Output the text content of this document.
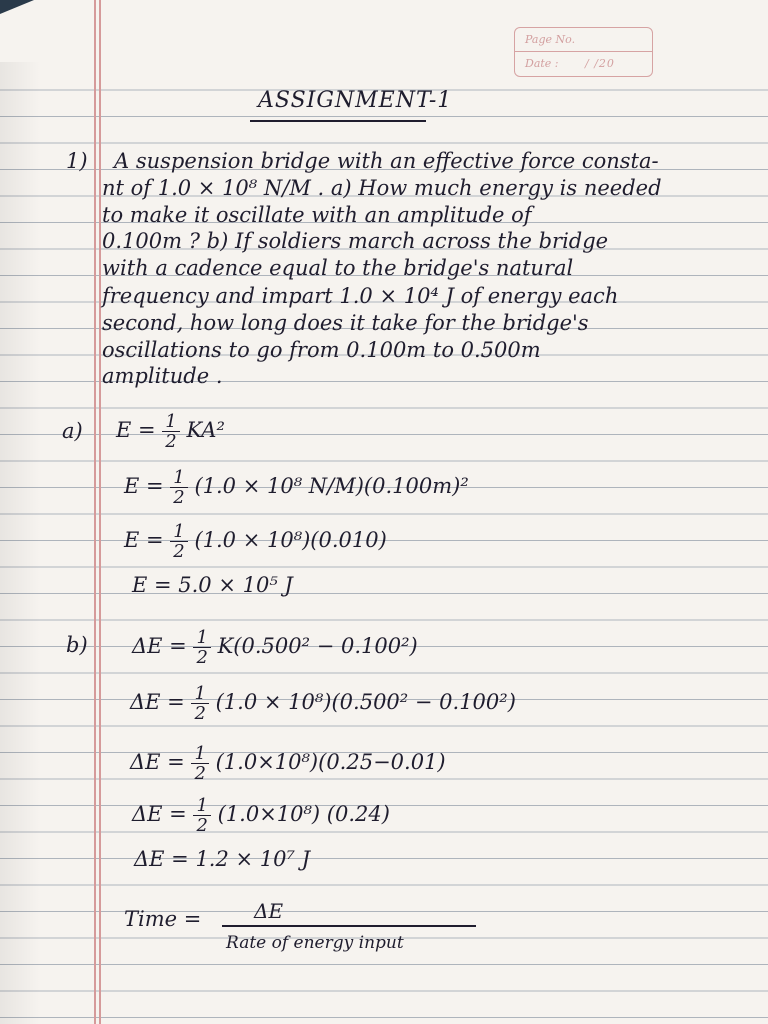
Page No.
Date : / /20

ASSIGNMENT-1

1) A suspension bridge with an effective force consta-

nt of 1.0 × 10⁸ N/M . a) How much energy is needed

to make it oscillate with an amplitude of

0.100m ? b) If soldiers march across the bridge

with a cadence equal to the bridge's natural

frequency and impart 1.0 × 10⁴ J of energy each

second, how long does it take for the bridge's

oscillations to go from 0.100m to 0.500m

amplitude .

a) $E = \frac{1}{2} KA^2$
$E = \frac{1}{2} (1.0 \times 10^8$ N/M)(0.100m)²
$E = \frac{1}{2} (1.0 \times 10^8)(0.010)$

E = 5.0 × 10⁵ J

b) $\Delta E = \frac{1}{2} K(0.500^2 - 0.100^2)$
$\Delta E = \frac{1}{2} (1.0 \times 10^8)(0.500^2 - 0.100^2)$
$\Delta E = \frac{1}{2} (1.0\times 10^8)(0.25-0.01)$
$\Delta E = \frac{1}{2} (1.0\times 10^8)$ (0.24)

ΔE = 1.2 × 10⁷ J

Time =	ΔE

Rate of energy input
